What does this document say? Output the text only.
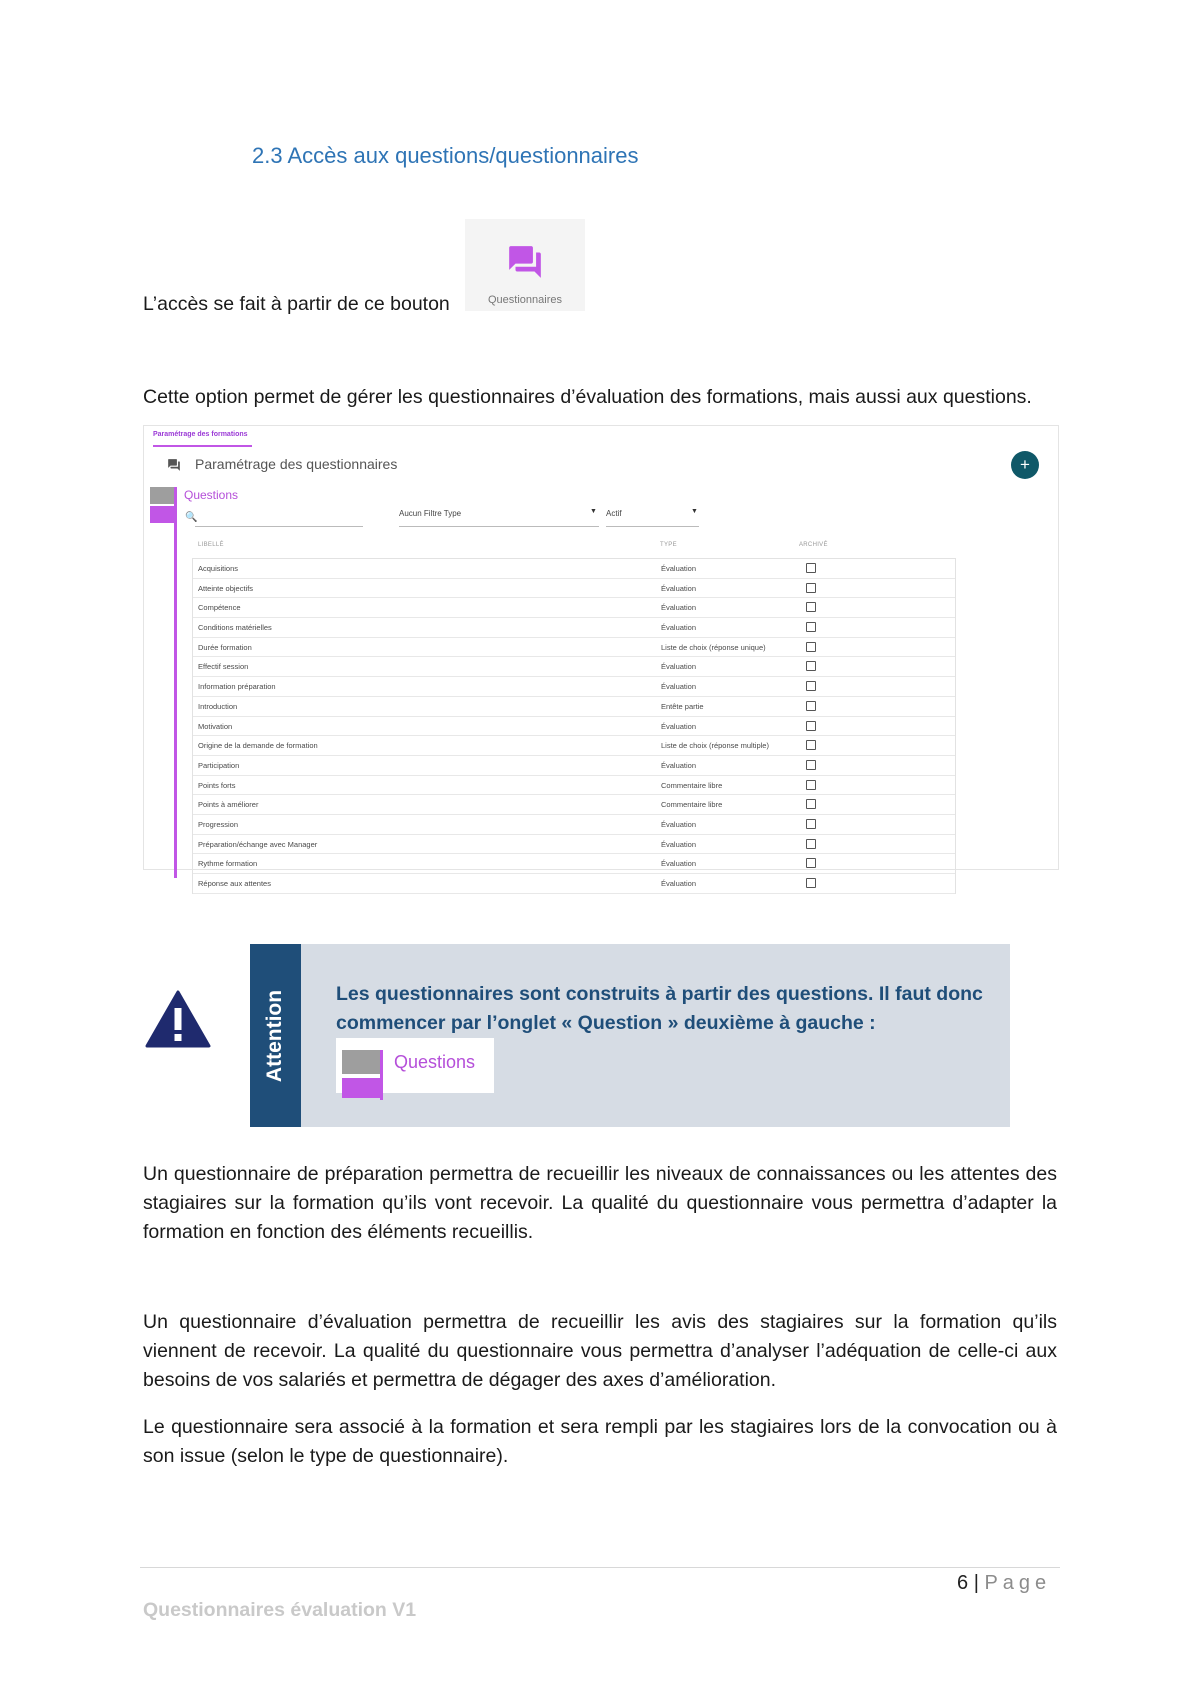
2.3 Accès aux questions/questionnaires
L’accès se fait à partir de ce bouton	Questionnaires
Cette option permet de gérer les questionnaires d’évaluation des formations, mais aussi aux questions.
Paramétrage des formations
Paramétrage des questionnaires	+
Questions
🔍	Aucun Filtre Type	▼ Actif	▼
LIBELLÉ	TYPE	ARCHIVÉ
Acquisitions	Évaluation
Atteinte objectifs	Évaluation
Compétence	Évaluation
Conditions matérielles	Évaluation
Durée formation	Liste de choix (réponse unique)
Effectif session	Évaluation
Information préparation	Évaluation
Introduction	Entête partie
Motivation	Évaluation
Origine de la demande de formation	Liste de choix (réponse multiple)
Participation	Évaluation
Points forts	Commentaire libre
Points à améliorer	Commentaire libre
Progression	Évaluation
Préparation/échange avec Manager	Évaluation
Rythme formation	Évaluation
Réponse aux attentes	Évaluation
Attention	Les questionnaires sont construits à partir des questions. Il faut donc commencer par l’onglet « Question » deuxième à gauche :
Questions
Un questionnaire de préparation permettra de recueillir les niveaux de connaissances ou les attentes des stagiaires sur la formation qu’ils vont recevoir. La qualité du questionnaire vous permettra d’adapter la formation en fonction des éléments recueillis.
Un questionnaire d’évaluation permettra de recueillir les avis des stagiaires sur la formation qu’ils viennent de recevoir. La qualité du questionnaire vous permettra d’analyser l’adéquation de celle-ci aux besoins de vos salariés et permettra de dégager des axes d’amélioration.
Le questionnaire sera associé à la formation et sera rempli par les stagiaires lors de la convocation ou à son issue (selon le type de questionnaire).
6 | Page
Questionnaires évaluation V1
